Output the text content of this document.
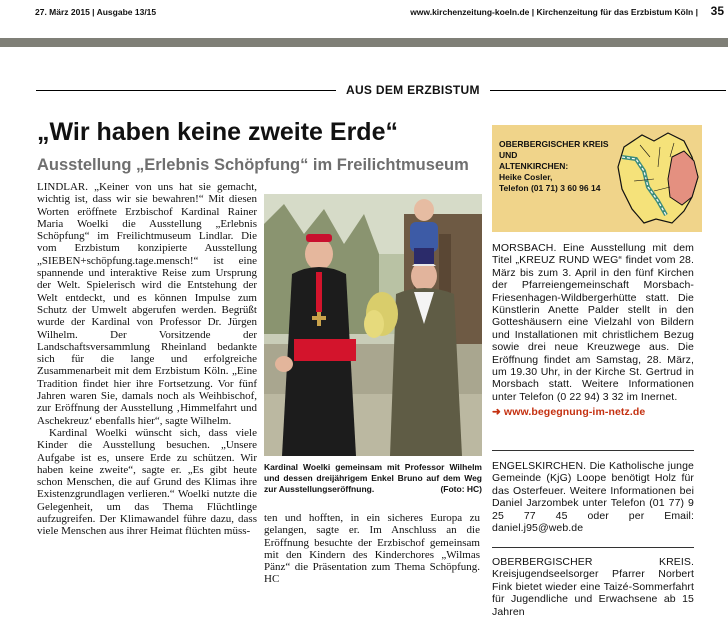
27. März 2015 | Ausgabe 13/15	www.kirchenzeitung-koeln.de | Kirchenzeitung für das Erzbistum Köln | 35
AUS DEM ERZBISTUM
„Wir haben keine zweite Erde“
Ausstellung „Erlebnis Schöpfung“ im Freilichtmuseum

LINDLAR. „Keiner von uns hat sie gemacht, wichtig ist, dass wir sie bewahren!“ Mit diesen Worten eröffnete Erzbischof Kardinal Rainer Maria Woelki die Ausstellung „Erlebnis Schöpfung“ im Freilichtmuseum Lindlar. Die vom Erzbistum konzipierte Ausstellung „SIEBEN+schöpfung.tage.mensch!“ ist eine spannende und interaktive Reise zum Ursprung der Welt. Spielerisch wird die Entstehung der Welt entdeckt, und es können Impulse zum Schutz der Umwelt abgerufen werden. Begrüßt wurde der Kardinal von Professor Dr. Jürgen Wilhelm. Der Vorsitzende der Landschaftsversammlung Rheinland bedankte sich für die lange und erfolgreiche Zusammenarbeit mit dem Erzbistum Köln. „Eine Tradition findet hier ihre Fortsetzung. Vor fünf Jahren waren Sie, damals noch als Weihbischof, zur Eröffnung der Ausstellung ‚Himmelfahrt und Aschekreuz‘ ebenfalls hier“, sagte Wilhelm.

Kardinal Woelki wünscht sich, dass viele Kinder die Ausstellung besuchen. „Unsere Aufgabe ist es, unsere Erde zu schützen. Wir haben keine zweite“, sagte er. „Es gibt heute schon Menschen, die auf Grund des Klimas ihre Existenzgrundlagen verlieren.“ Woelki nutzte die Gelegenheit, um das Thema Flüchtlinge aufzugreifen. Der Klimawandel führe dazu, dass viele Menschen aus ihrer Heimat flüchten müss-

Kardinal Woelki gemeinsam mit Professor Wilhelm und dessen dreijährigem Enkel Bruno auf dem Weg zur Ausstellungseröffnung.	(Foto: HC)
ten und hofften, in ein sicheres Europa zu gelangen, sagte er. Im Anschluss an die Eröffnung besuchte der Erzbischof gemeinsam mit den Kindern des Kinderchores „Wilmas Pänz“ die Präsentation zum Thema Schöpfung. HC
OBERBERGISCHER KREIS UND
ALTENKIRCHEN:
Heike Cosler,
Telefon (01 71) 3 60 96 14
MORSBACH. Eine Ausstellung mit dem Titel „KREUZ RUND WEG“ findet vom 28. März bis zum 3. April in den fünf Kirchen der Pfarreiengemeinschaft Morsbach-Friesenhagen-Wildbergerhütte statt. Die Künstlerin Anette Palder stellt in den Gotteshäusern eine Vielzahl von Bildern und Installationen mit christlichem Bezug sowie drei neue Kreuzwege aus. Die Eröffnung findet am Samstag, 28. März, um 19.30 Uhr, in der Kirche St. Gertrud in Morsbach statt. Weitere Informationen unter Telefon (0 22 94) 3 32 im Inernet.
➜ www.begegnung-im-netz.de
ENGELSKIRCHEN. Die Katholische junge Gemeinde (KjG) Loope benötigt Holz für das Osterfeuer. Weitere Informationen bei Daniel Jarzombek unter Telefon (01 77) 9 25 77 45 oder per Email: daniel.j95@web.de
OBERBERGISCHER KREIS. Kreisjugendseelsorger Pfarrer Norbert Fink bietet wieder eine Taizé-Sommerfahrt für Jugendliche und Erwachsene ab 15 Jahren
